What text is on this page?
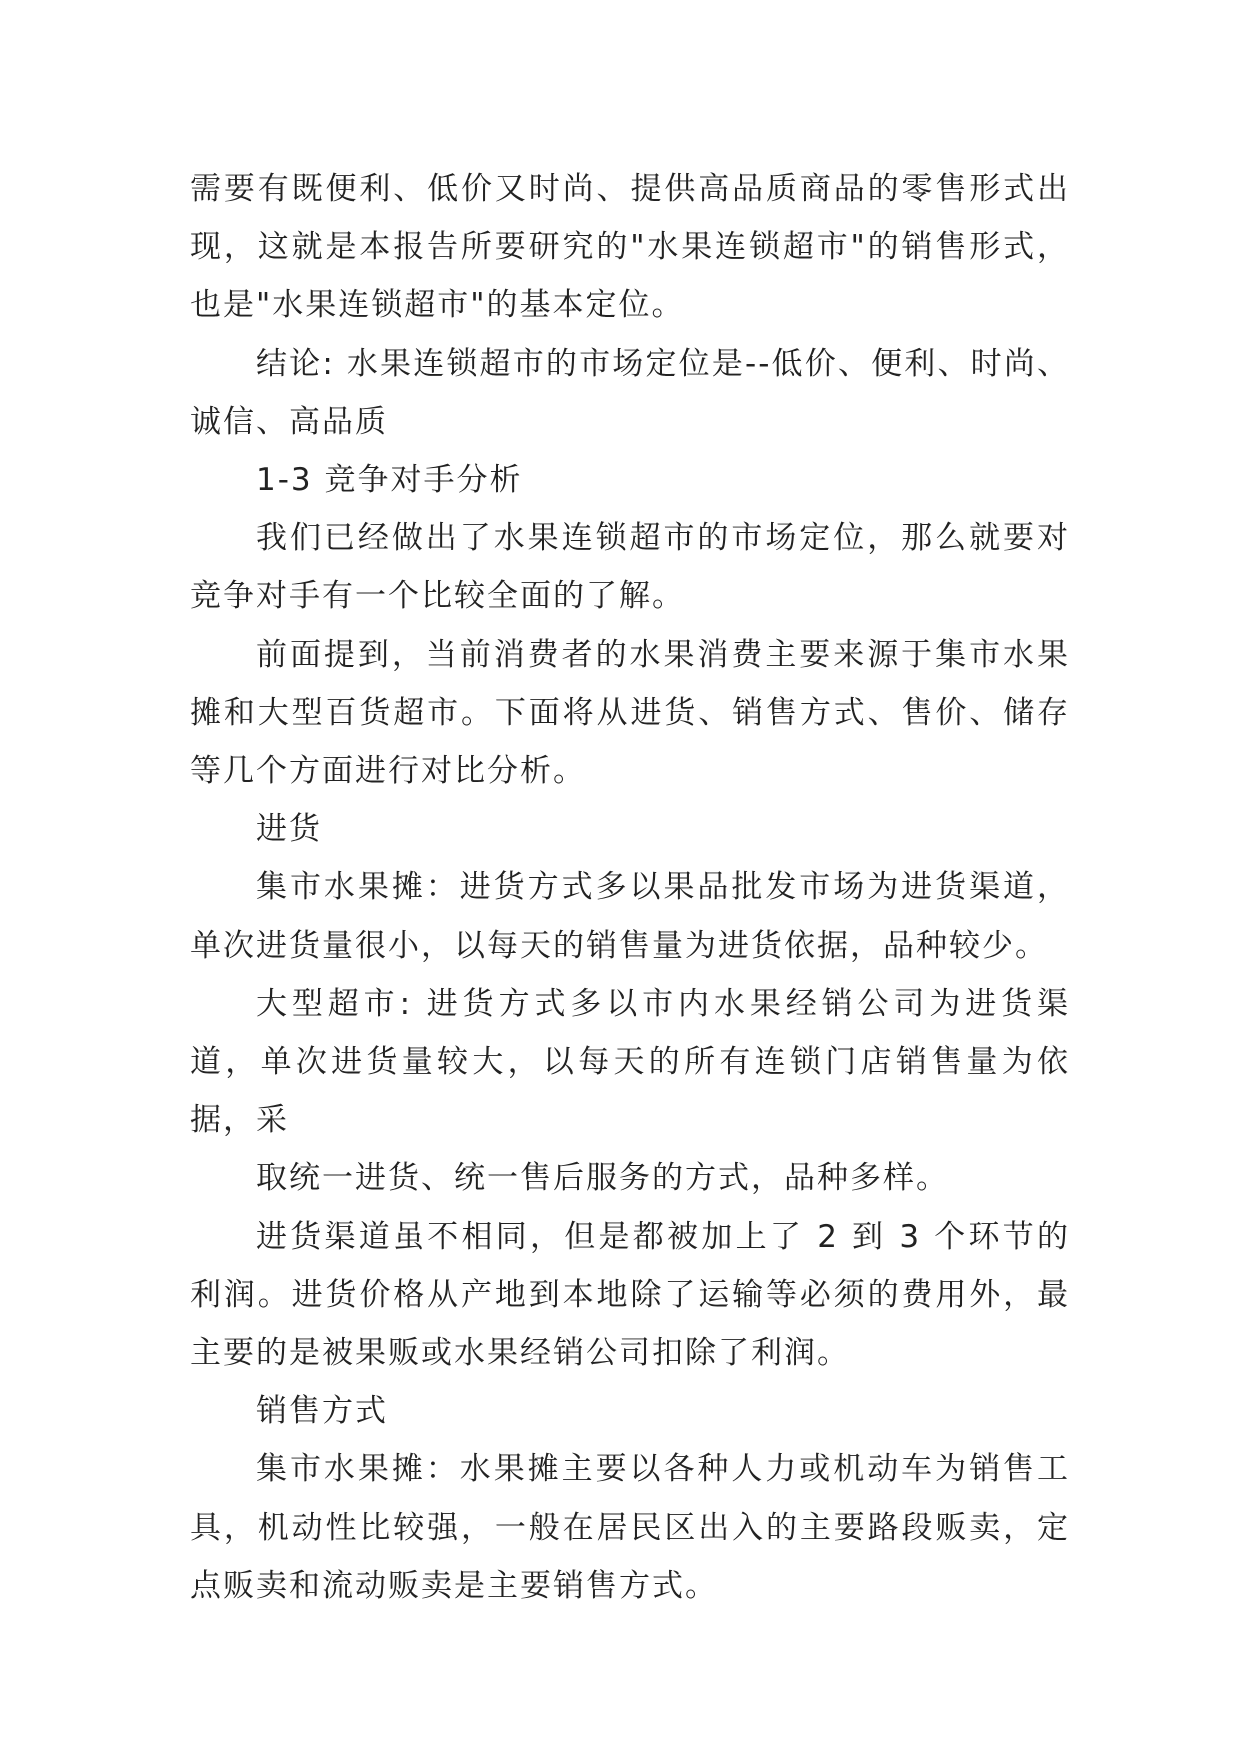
需要有既便利、低价又时尚、提供高品质商品的零售形式出现，这就是本报告所要研究的"水果连锁超市"的销售形式，也是"水果连锁超市"的基本定位。

结论: 水果连锁超市的市场定位是--低价、便利、时尚、诚信、高品质

1-3 竞争对手分析

我们已经做出了水果连锁超市的市场定位，那么就要对竞争对手有一个比较全面的了解。

前面提到，当前消费者的水果消费主要来源于集市水果摊和大型百货超市。下面将从进货、销售方式、售价、储存等几个方面进行对比分析。

进货

集市水果摊：进货方式多以果品批发市场为进货渠道，单次进货量很小，以每天的销售量为进货依据，品种较少。

大型超市: 进货方式多以市内水果经销公司为进货渠道，单次进货量较大，以每天的所有连锁门店销售量为依据，采

取统一进货、统一售后服务的方式，品种多样。

进货渠道虽不相同，但是都被加上了 2 到 3 个环节的利润。进货价格从产地到本地除了运输等必须的费用外，最主要的是被果贩或水果经销公司扣除了利润。

销售方式

集市水果摊：水果摊主要以各种人力或机动车为销售工具，机动性比较强，一般在居民区出入的主要路段贩卖，定点贩卖和流动贩卖是主要销售方式。
